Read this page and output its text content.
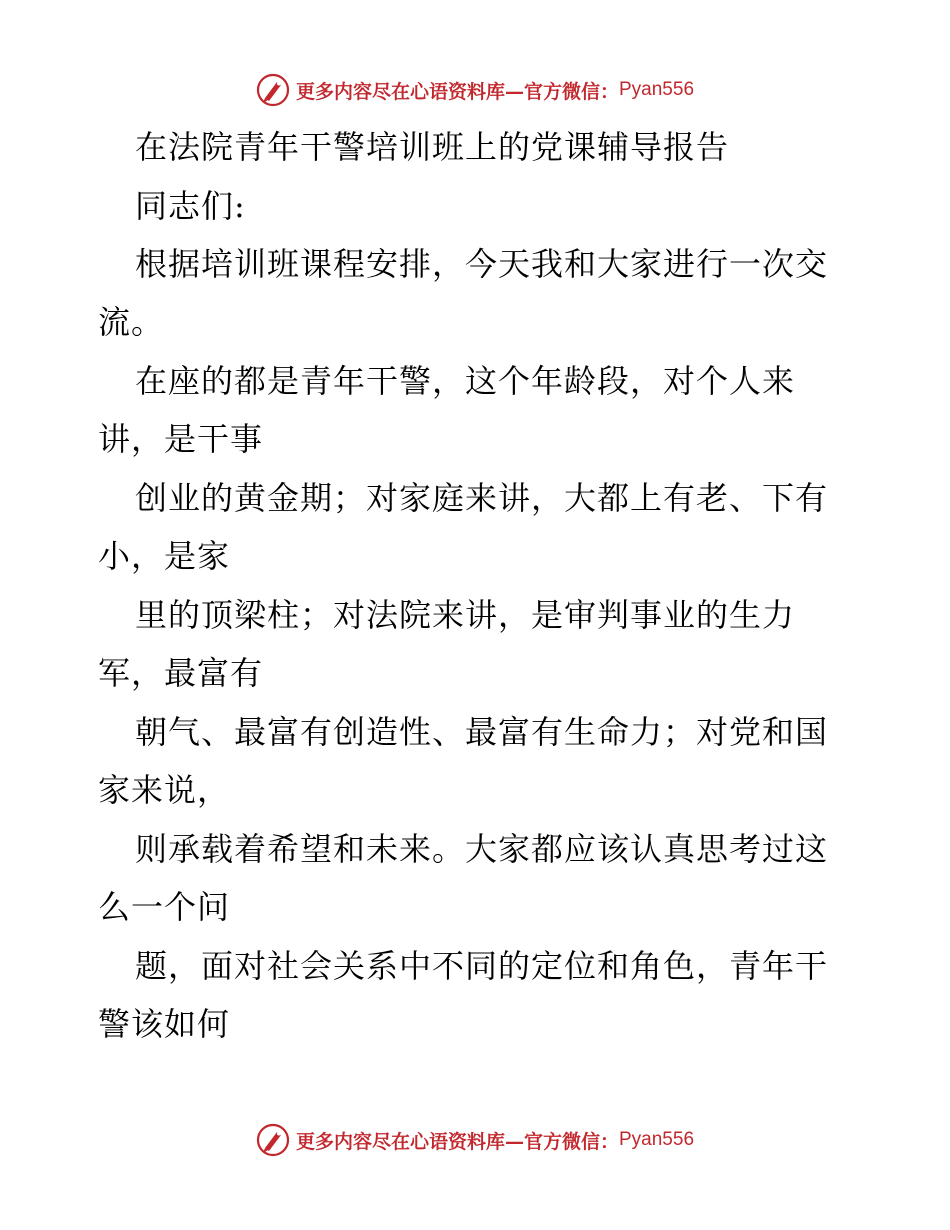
更多内容尽在心语资料库—官方微信： Pyan556
在法院青年干警培训班上的党课辅导报告
同志们:
根据培训班课程安排，今天我和大家进行一次交
流。
在座的都是青年干警，这个年龄段，对个人来
讲，是干事
创业的黄金期；对家庭来讲，大都上有老、下有
小，是家
里的顶梁柱；对法院来讲，是审判事业的生力
军，最富有
朝气、最富有创造性、最富有生命力；对党和国
家来说，
则承载着希望和未来。大家都应该认真思考过这
么一个问
题，面对社会关系中不同的定位和角色，青年干
警该如何
更多内容尽在心语资料库—官方微信： Pyan556
